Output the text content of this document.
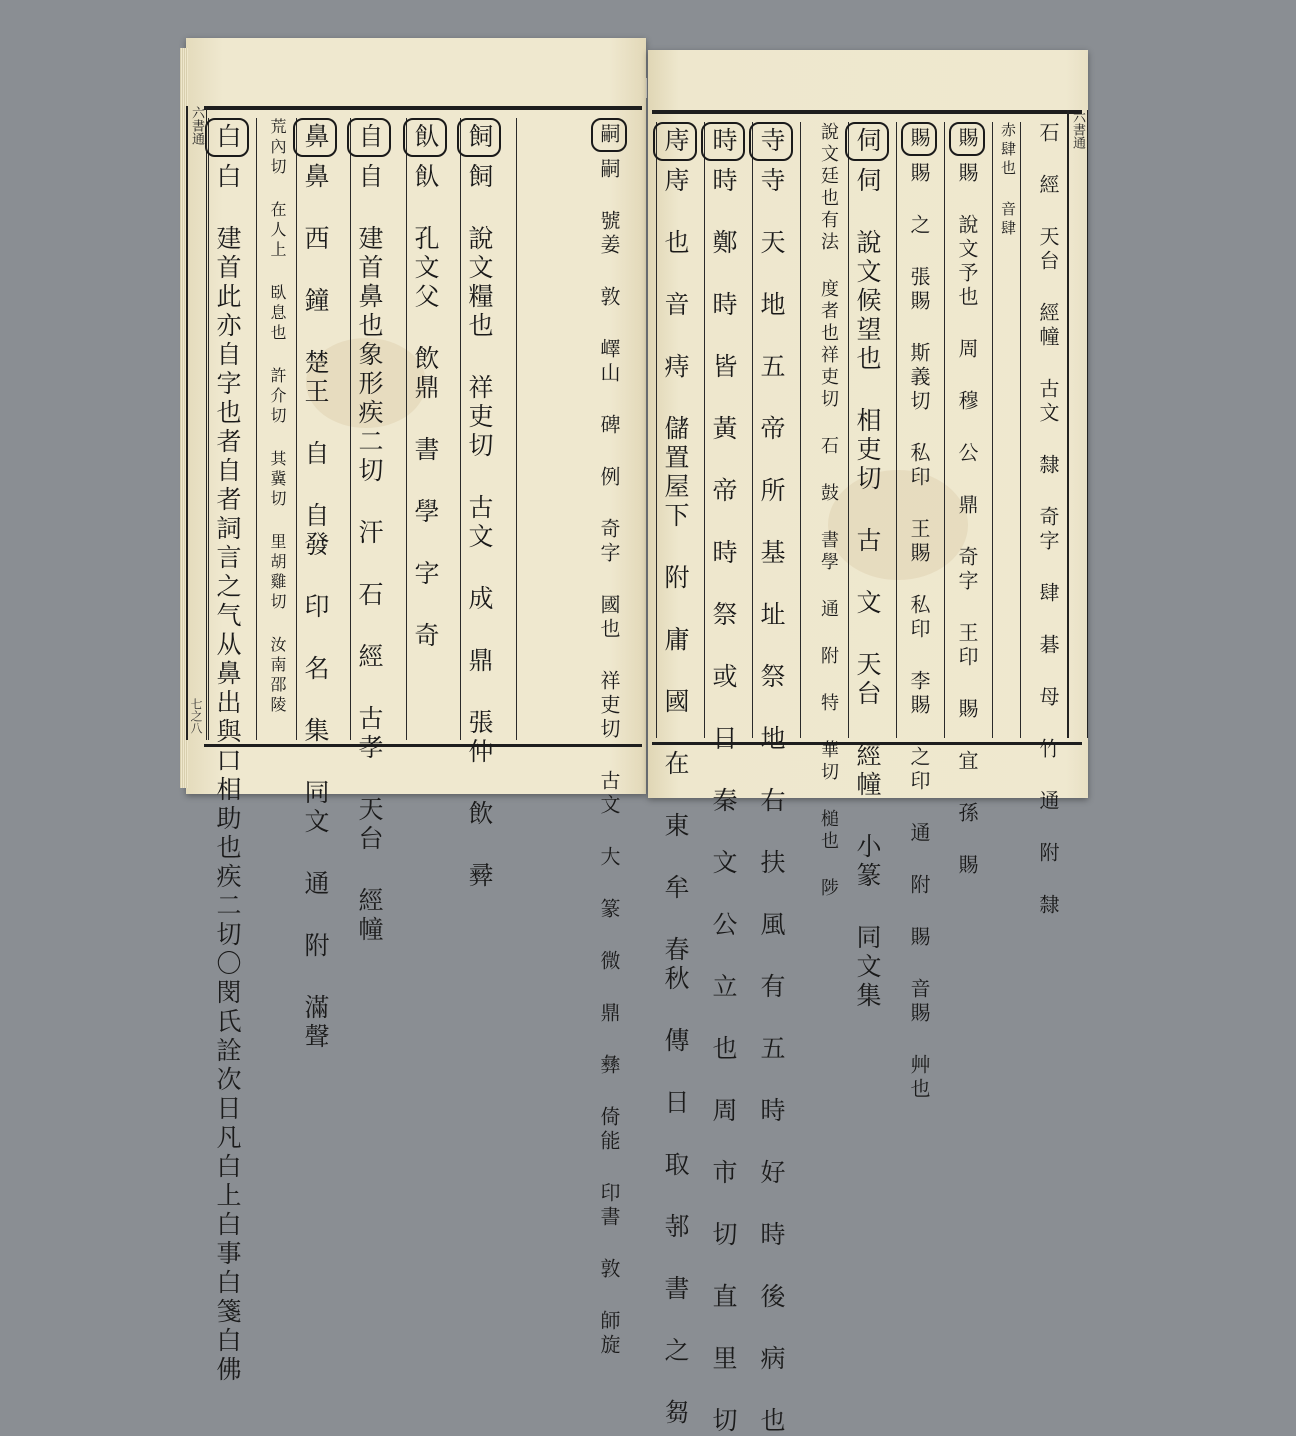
白白 建首此亦自字也者自者詞言之气从鼻出與口相助也疾二切〇閔氏詮次日凡白上白事白箋白佛	荒內切 在人上 臥息也 許介切 其冀切 里胡雞切 汝南邵陵 鼻鼻 西 鐘 楚王 自 自發 印 名 集 同文 通 附 滿聲
自自 建首鼻也象形疾二切 汗 石 經 古孝 天台 經幢
飤飤 孔文父 飲鼎 書 學 字 奇
飼飼 說文糧也 祥吏切 古文 成 鼎 張仲 飲 彛
嗣嗣 號姜 敦 嶧山 碑 例 奇字 國也 祥吏切 古文 大 篆 微 鼎 彝 倚能 印書 敦 師旋
六書通
七之八
庤庤 也 音 痔 儲置屋下 附 庸 國 在 東 牟 春秋 傳 日 取 邿 書 之 芻
時時 鄭 時 皆 黃 帝 時 祭 或 日 秦 文 公 立 也 周 市 切 直 里 切
寺寺 天 地 五 帝 所 基 址 祭 地 右 扶 風 有 五 時 好 時 後 病 也	說文廷也有法 度者也祥吏切 石 鼓 書學 通 附 特 華切 槌也 陟 伺伺 說文候望也 相吏切 古 文 天台 經幢 小篆 同文集
賜賜 之 張賜 斯義切 私印 王賜 私印 李賜 之印 通 附 賜 音賜 艸也
賜賜 說文予也 周 穆 公 鼎 奇字 王印 賜 宜 孫 賜	赤肆也 音肆 石 經 天台 經幢 古文 隸 奇字 肆 碁 母 竹 通 附 隸 六書通
